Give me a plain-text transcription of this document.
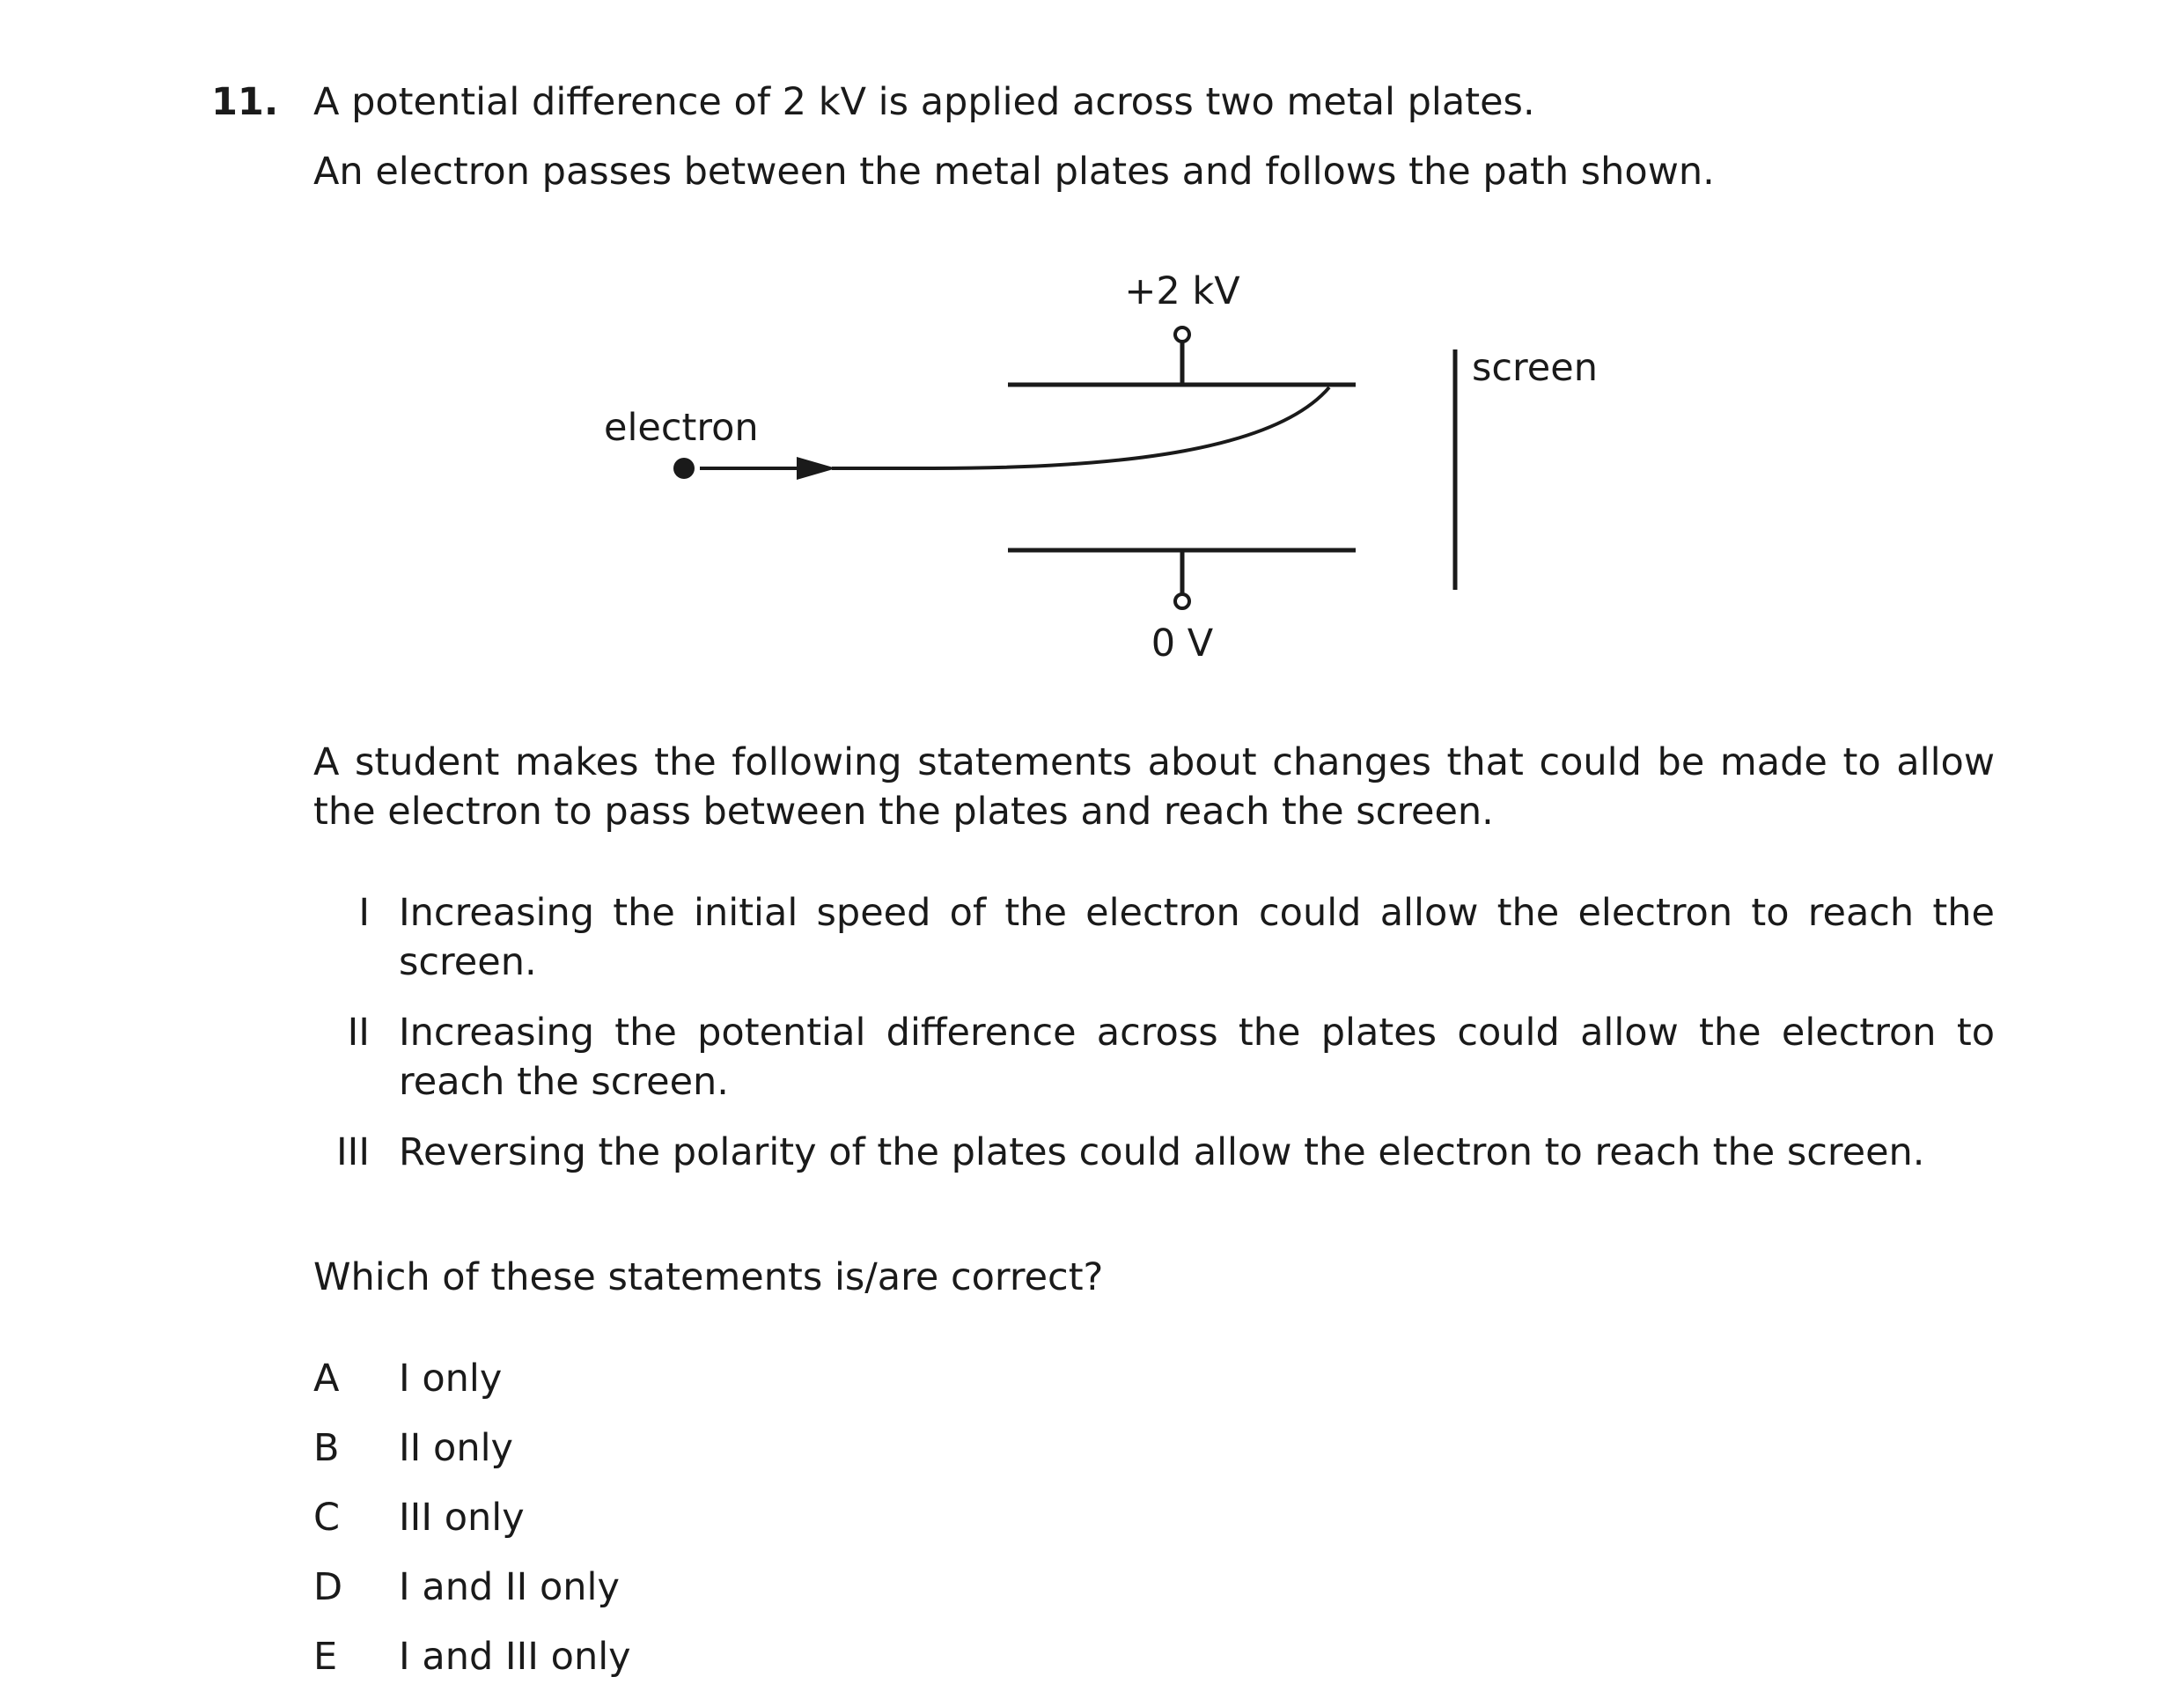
11. A potential difference of 2 kV is applied across two metal plates.
An electron passes between the metal plates and follows the path shown.
+2 kV
0 V
screen
electron
A student makes the following statements about changes that could be made to allow the electron to pass between the plates and reach the screen.
I Increasing the initial speed of the electron could allow the electron to reach the screen.
II Increasing the potential difference across the plates could allow the electron to reach the screen.
III Reversing the polarity of the plates could allow the electron to reach the screen.
Which of these statements is/are correct?
A I only
B II only
C III only
D I and II only
E I and III only
